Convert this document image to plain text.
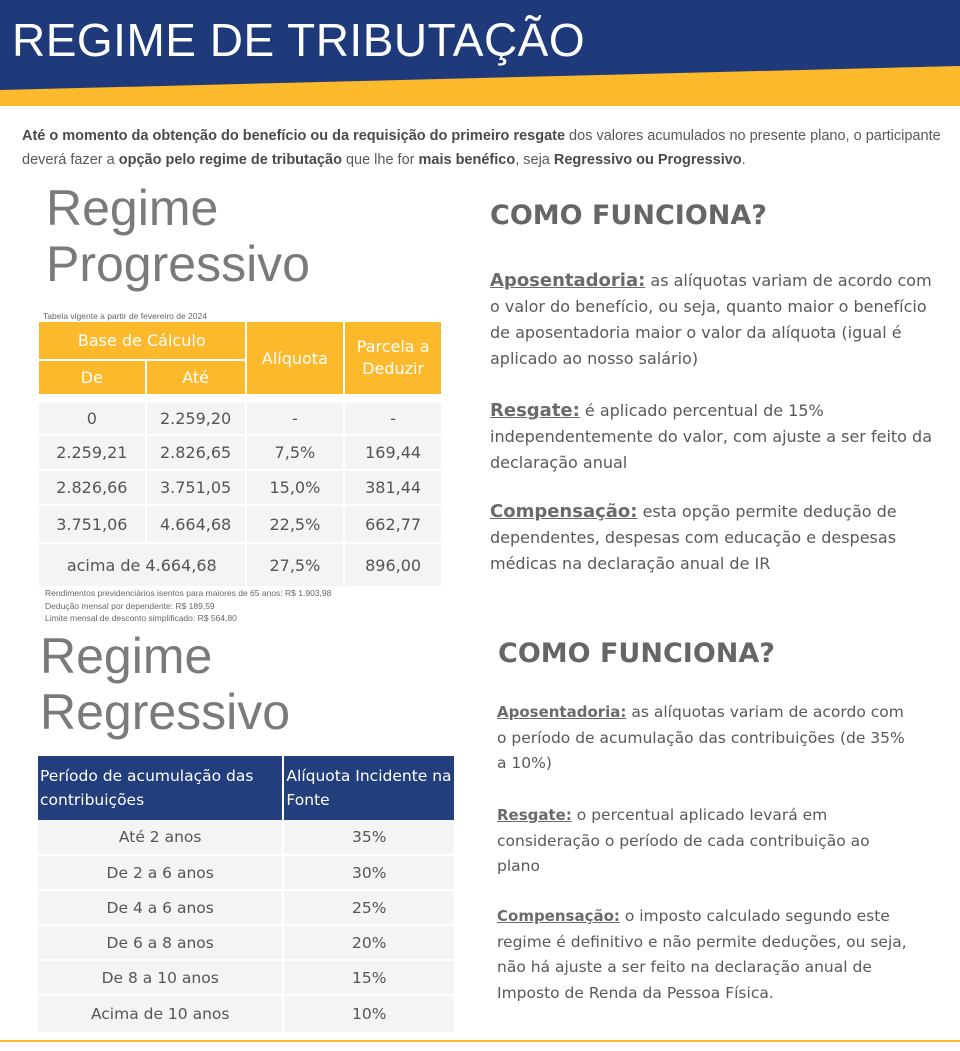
REGIME DE TRIBUTAÇÃO
Até o momento da obtenção do benefício ou da requisição do primeiro resgate dos valores acumulados no presente plano, o participante deverá fazer a opção pelo regime de tributação que lhe for mais benéfico, seja Regressivo ou Progressivo.
Regime
Progressivo
Tabela vigente a partir de fevereiro de 2024
Base de Cálculo		Alíquota	Parcela a Deduzir
De	Até		

0	2.259,20	-	-
2.259,21	2.826,65	7,5%	169,44
2.826,66	3.751,05	15,0%	381,44
3.751,06	4.664,68	22,5%	662,77
acima de 4.664,68		27,5%	896,00
Rendimentos previdenciários isentos para maiores de 65 anos: R$ 1.903,98
Dedução mensal por dependente: R$ 189,59
Limite mensal de desconto simplificado: R$ 564,80
COMO FUNCIONA?
Aposentadoria: as alíquotas variam de acordo com o valor do benefício, ou seja, quanto maior o benefício de aposentadoria maior o valor da alíquota (igual é aplicado ao nosso salário)
Resgate: é aplicado percentual de 15% independentemente do valor, com ajuste a ser feito da declaração anual
Compensação: esta opção permite dedução de dependentes, despesas com educação e despesas médicas na declaração anual de IR
Regime
Regressivo
Período de acumulação das contribuições	Alíquota Incidente na Fonte
Até 2 anos	35%
De 2 a 6 anos	30%
De 4 a 6 anos	25%
De 6 a 8 anos	20%
De 8 a 10 anos	15%
Acima de 10 anos	10%
COMO FUNCIONA?
Aposentadoria: as alíquotas variam de acordo com o período de acumulação das contribuições (de 35% a 10%)
Resgate: o percentual aplicado levará em consideração o período de cada contribuição ao plano
Compensação: o imposto calculado segundo este regime é definitivo e não permite deduções, ou seja, não há ajuste a ser feito na declaração anual de Imposto de Renda da Pessoa Física.
